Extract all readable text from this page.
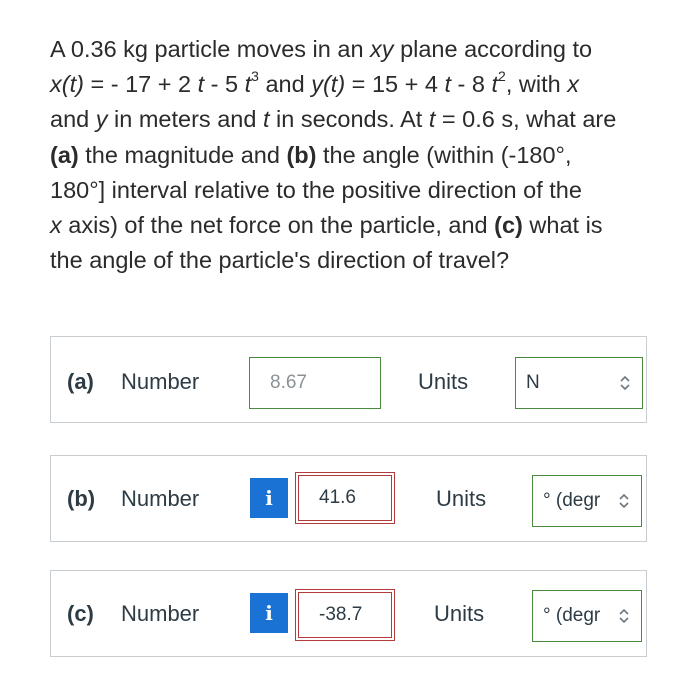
A 0.36 kg particle moves in an xy plane according to
x(t) = - 17 + 2 t - 5 $t^3$ and y(t) = 15 + 4 t - 8 $t^2$, with x
and y in meters and t in seconds. At t = 0.6 s, what are
(a) the magnitude and (b) the angle (within (-180°,
180°] interval relative to the positive direction of the
x axis) of the net force on the particle, and (c) what is
the angle of the particle's direction of travel?
(a) Number	8.67	Units	N
(b) Number	i	41.6	Units	° (degr
(c) Number	i	-38.7	Units	° (degr
